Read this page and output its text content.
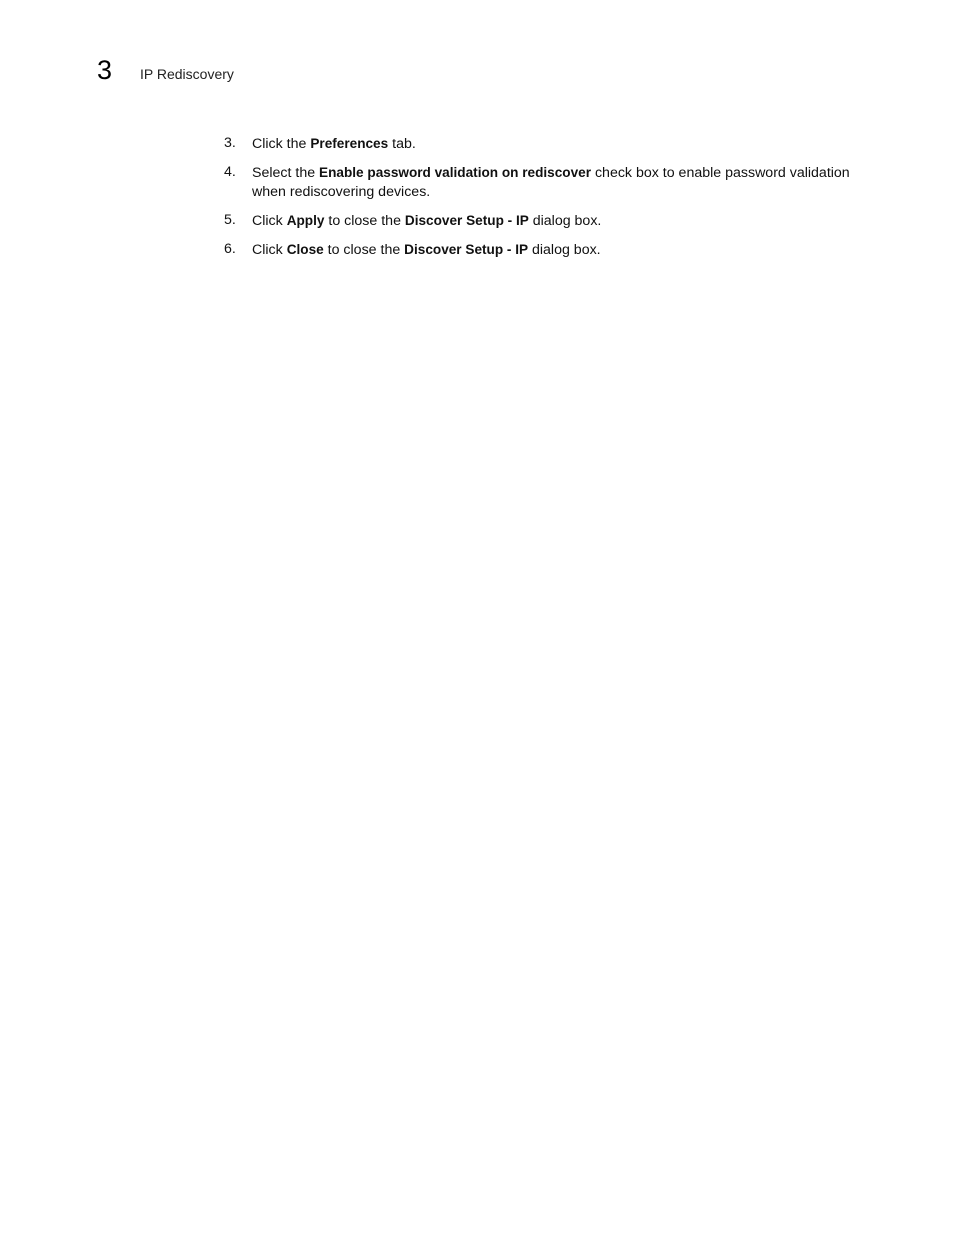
3	IP Rediscovery
3.	Click the Preferences tab.
4.	Select the Enable password validation on rediscover check box to enable password validation when rediscovering devices.
5.	Click Apply to close the Discover Setup - IP dialog box.
6.	Click Close to close the Discover Setup - IP dialog box.
